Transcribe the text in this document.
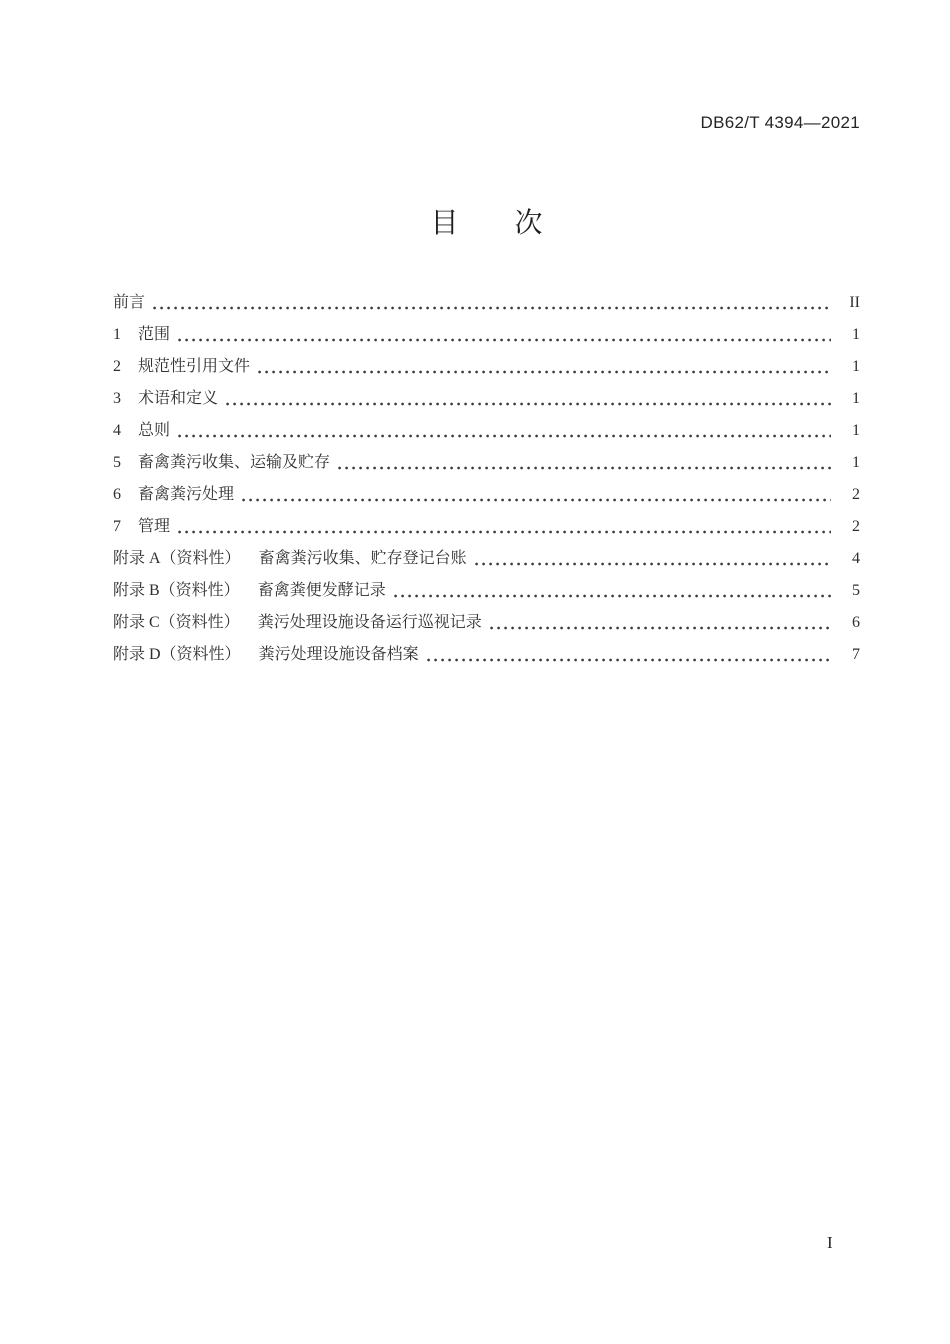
DB62/T 4394—2021
目　　次
前言	II
1	范围	1
2	规范性引用文件	1
3	术语和定义	1
4	总则	1
5	畜禽粪污收集、运输及贮存	1
6	畜禽粪污处理	2
7	管理	2
附录 A（资料性） 畜禽粪污收集、贮存登记台账	4
附录 B（资料性） 畜禽粪便发酵记录	5
附录 C（资料性） 粪污处理设施设备运行巡视记录	6
附录 D（资料性） 粪污处理设施设备档案	7
I
